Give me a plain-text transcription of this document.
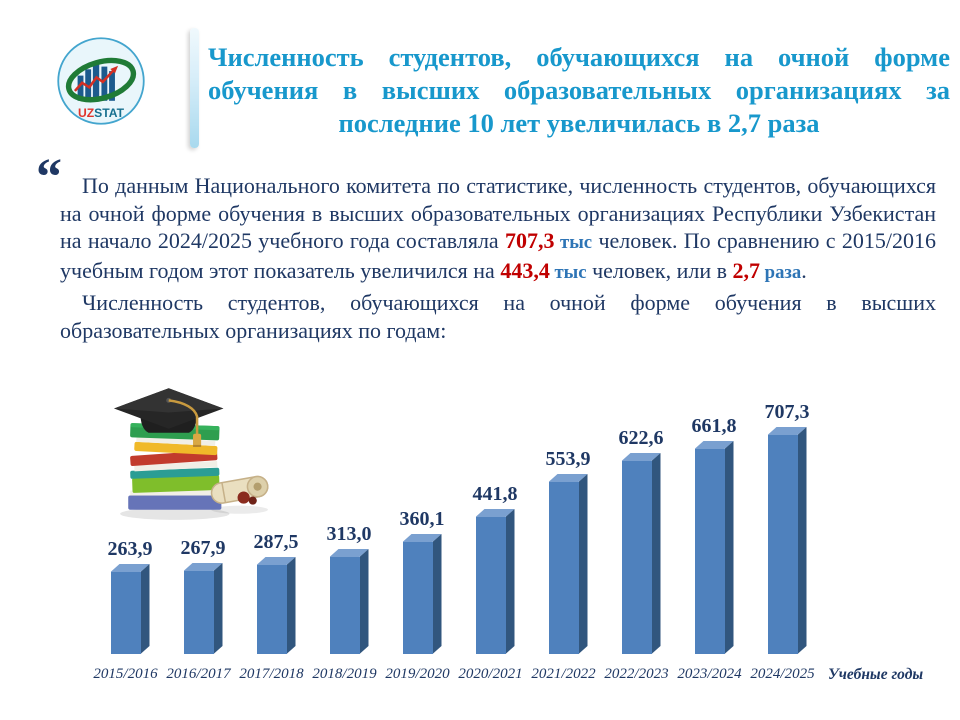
UZSTAT
Численность студентов, обучающихся на очной форме
обучения в высших образовательных организациях за
последние 10 лет увеличилась в 2,7 раза
“ По данным Национального комитета по статистике, численность студентов, обучающихся на очной форме обучения в высших образовательных организациях Республики Узбекистан на начало 2024/2025 учебного года составляла 707,3 тыс человек. По сравнению с 2015/2016 учебным годом этот показатель увеличился на 443,4 тыс человек, или в 2,7 раза.

Численность студентов, обучающихся на очной форме обучения в высших образовательных организациях по годам:

263,9
2015/2016
267,9
2016/2017
287,5
2017/2018
313,0
2018/2019
360,1
2019/2020
441,8
2020/2021
553,9
2021/2022
622,6
2022/2023
661,8
2023/2024
707,3
2024/2025 Учебные годы
